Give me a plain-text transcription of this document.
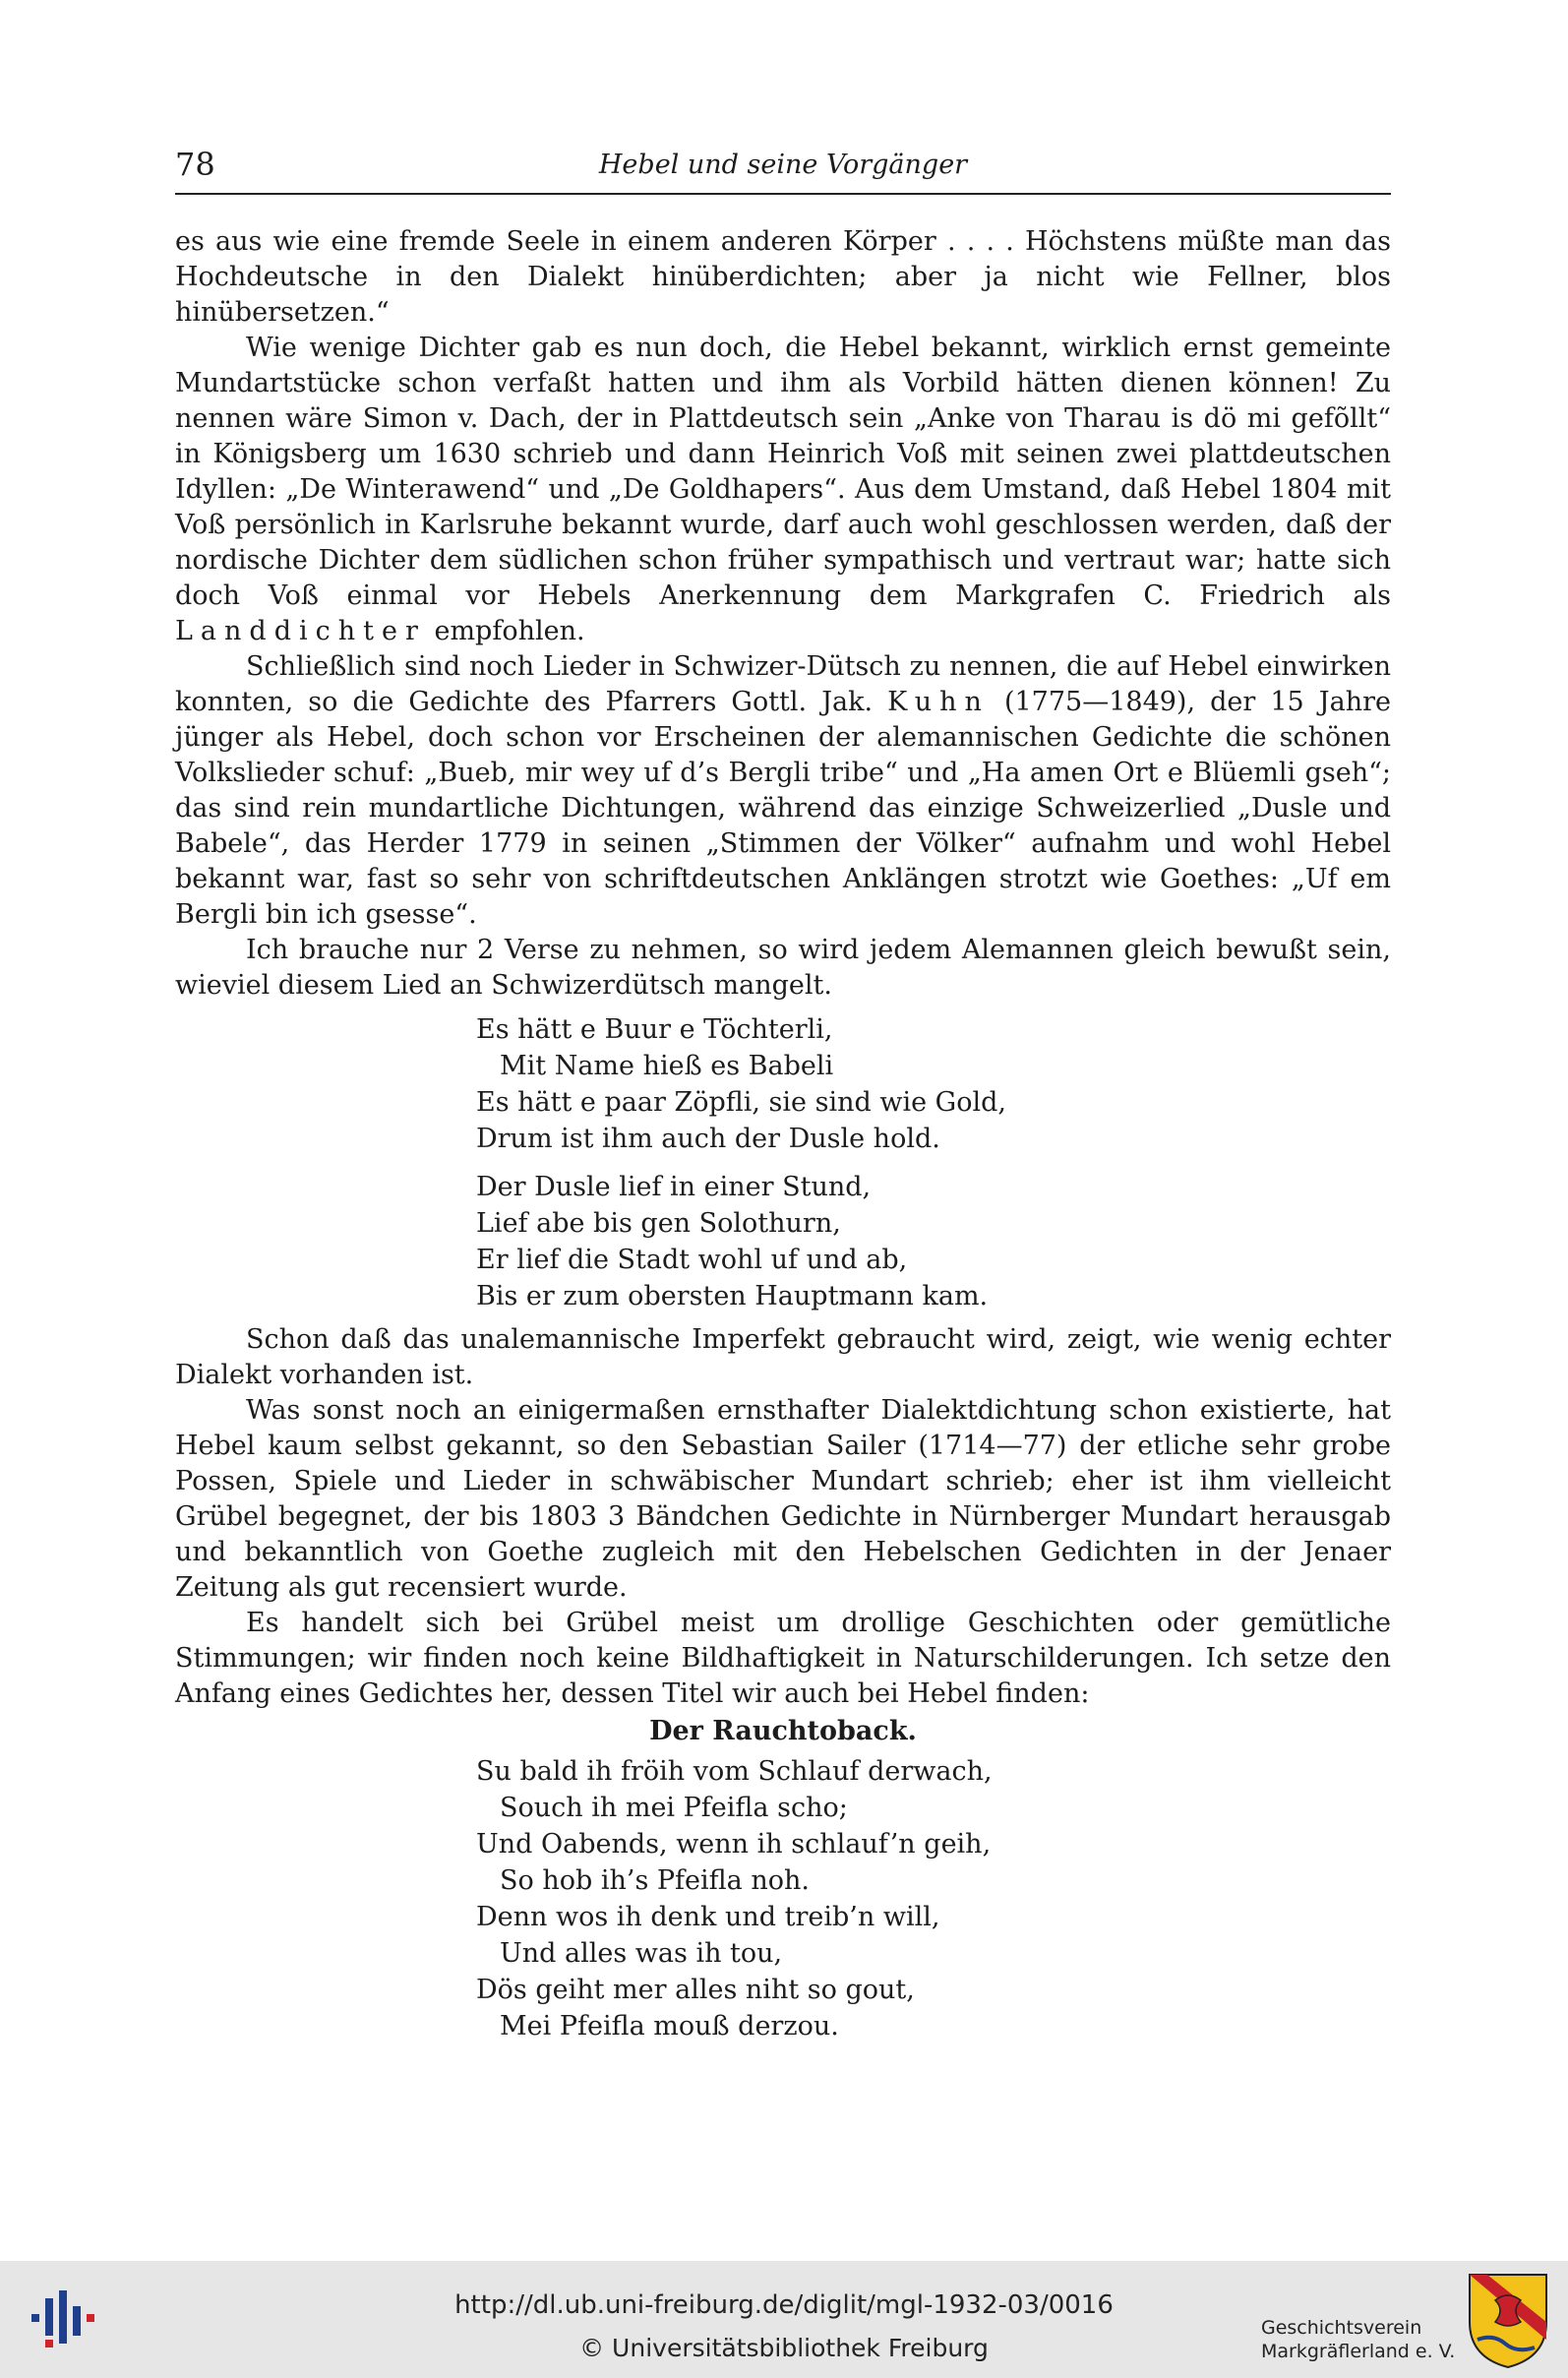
78	Hebel und seine Vorgänger

es aus wie eine fremde Seele in einem anderen Körper . . . . Höchstens müßte man das Hochdeutsche in den Dialekt hinüberdichten; aber ja nicht wie Fellner, blos hinübersetzen.“

Wie wenige Dichter gab es nun doch, die Hebel bekannt, wirklich ernst gemeinte Mundartstücke schon verfaßt hatten und ihm als Vorbild hätten dienen können! Zu nennen wäre Simon v. Dach, der in Plattdeutsch sein „Anke von Tharau is dö mi gefõllt“ in Königsberg um 1630 schrieb und dann Heinrich Voß mit seinen zwei plattdeutschen Idyllen: „De Winterawend“ und „De Goldhapers“. Aus dem Umstand, daß Hebel 1804 mit Voß persönlich in Karlsruhe bekannt wurde, darf auch wohl geschlossen werden, daß der nordische Dichter dem südlichen schon früher sympathisch und vertraut war; hatte sich doch Voß einmal vor Hebels Anerkennung dem Markgrafen C. Friedrich als Landdichter empfohlen.

Schließlich sind noch Lieder in Schwizer-Dütsch zu nennen, die auf Hebel einwirken konnten, so die Gedichte des Pfarrers Gottl. Jak. Kuhn (1775—1849), der 15 Jahre jünger als Hebel, doch schon vor Erscheinen der alemannischen Gedichte die schönen Volkslieder schuf: „Bueb, mir wey uf d’s Bergli tribe“ und „Ha amen Ort e Blüemli gseh“; das sind rein mundartliche Dichtungen, während das einzige Schweizerlied „Dusle und Babele“, das Herder 1779 in seinen „Stimmen der Völker“ aufnahm und wohl Hebel bekannt war, fast so sehr von schriftdeutschen Anklängen strotzt wie Goethes: „Uf em Bergli bin ich gsesse“.

Ich brauche nur 2 Verse zu nehmen, so wird jedem Alemannen gleich bewußt sein, wieviel diesem Lied an Schwizerdütsch mangelt.

Es hätt e Buur e Töchterli,
Mit Name hieß es Babeli
Es hätt e paar Zöpfli, sie sind wie Gold,
Drum ist ihm auch der Dusle hold.
Der Dusle lief in einer Stund,
Lief abe bis gen Solothurn,
Er lief die Stadt wohl uf und ab,
Bis er zum obersten Hauptmann kam.

Schon daß das unalemannische Imperfekt gebraucht wird, zeigt, wie wenig echter Dialekt vorhanden ist.

Was sonst noch an einigermaßen ernsthafter Dialektdichtung schon existierte, hat Hebel kaum selbst gekannt, so den Sebastian Sailer (1714—77) der etliche sehr grobe Possen, Spiele und Lieder in schwäbischer Mundart schrieb; eher ist ihm vielleicht Grübel begegnet, der bis 1803 3 Bändchen Gedichte in Nürnberger Mundart herausgab und bekanntlich von Goethe zugleich mit den Hebelschen Gedichten in der Jenaer Zeitung als gut recensiert wurde.

Es handelt sich bei Grübel meist um drollige Geschichten oder gemütliche Stimmungen; wir finden noch keine Bildhaftigkeit in Naturschilderungen. Ich setze den Anfang eines Gedichtes her, dessen Titel wir auch bei Hebel finden:

Der Rauchtoback.
Su bald ih fröih vom Schlauf derwach,
Souch ih mei Pfeifla scho;
Und Oabends, wenn ih schlauf’n geih,
So hob ih’s Pfeifla noh.
Denn wos ih denk und treib’n will,
Und alles was ih tou,
Dös geiht mer alles niht so gout,
Mei Pfeifla mouß derzou.
http://dl.ub.uni-freiburg.de/diglit/mgl-1932-03/0016
© Universitätsbibliothek Freiburg
Geschichtsverein
Markgräflerland e. V.
